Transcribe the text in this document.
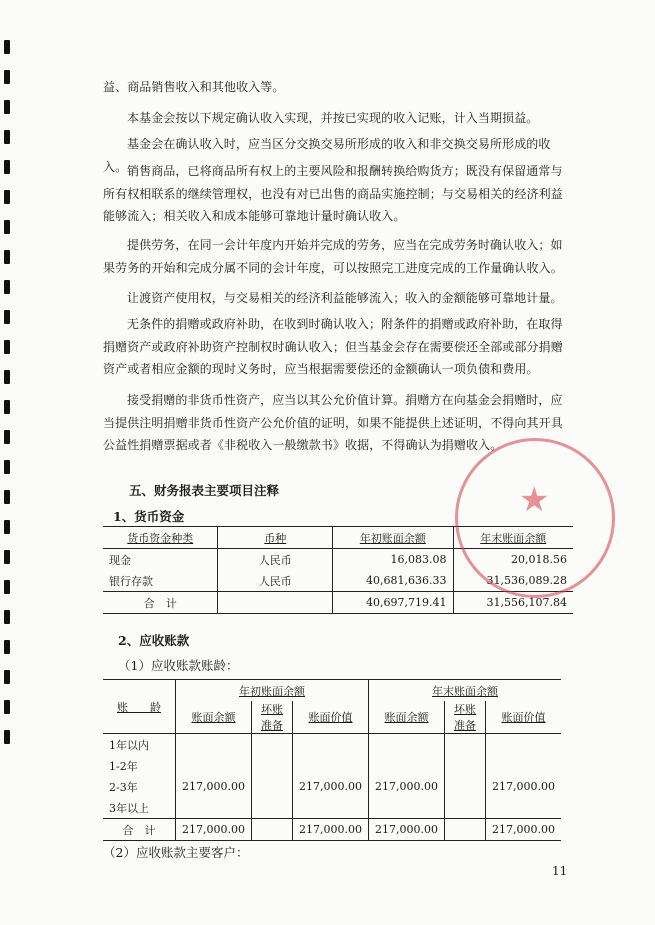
益、商品销售收入和其他收入等。
本基金会按以下规定确认收入实现，并按已实现的收入记账，计入当期损益。
基金会在确认收入时，应当区分交换交易所形成的收入和非交换交易所形成的收入。 销售商品，已将商品所有权上的主要风险和报酬转换给购货方；既没有保留通常与所有权相联系的继续管理权，也没有对已出售的商品实施控制；与交易相关的经济利益能够流入；相关收入和成本能够可靠地计量时确认收入。
提供劳务，在同一会计年度内开始并完成的劳务，应当在完成劳务时确认收入；如果劳务的开始和完成分属不同的会计年度，可以按照完工进度完成的工作量确认收入。
让渡资产使用权，与交易相关的经济利益能够流入；收入的金额能够可靠地计量。
无条件的捐赠或政府补助，在收到时确认收入；附条件的捐赠或政府补助，在取得捐赠资产或政府补助资产控制权时确认收入；但当基金会存在需要偿还全部或部分捐赠资产或者相应金额的现时义务时，应当根据需要偿还的金额确认一项负债和费用。
接受捐赠的非货币性资产，应当以其公允价值计算。捐赠方在向基金会捐赠时，应当提供注明捐赠非货币性资产公允价值的证明，如果不能提供上述证明，不得向其开具公益性捐赠票据或者《非税收入一般缴款书》收据，不得确认为捐赠收入。
五、财务报表主要项目注释
1、货币资金
货币资金种类	币种	年初账面余额	年末账面余额
现金	人民币	16,083.08	20,018.56
银行存款	人民币	40,681,636.33	31,536,089.28
合　计		40,697,719.41	31,556,107.84
2、应收账款
（1）应收账款账龄：
账　　龄	年初账面余额			年末账面余额		
	账面余额	坏账准备	账面价值	账面余额	坏账准备	账面价值
1年以内						
1-2年						
2-3年	217,000.00		217,000.00	217,000.00		217,000.00
3年以上						
合　计	217,000.00		217,000.00	217,000.00		217,000.00
（2）应收账款主要客户：
11
★
